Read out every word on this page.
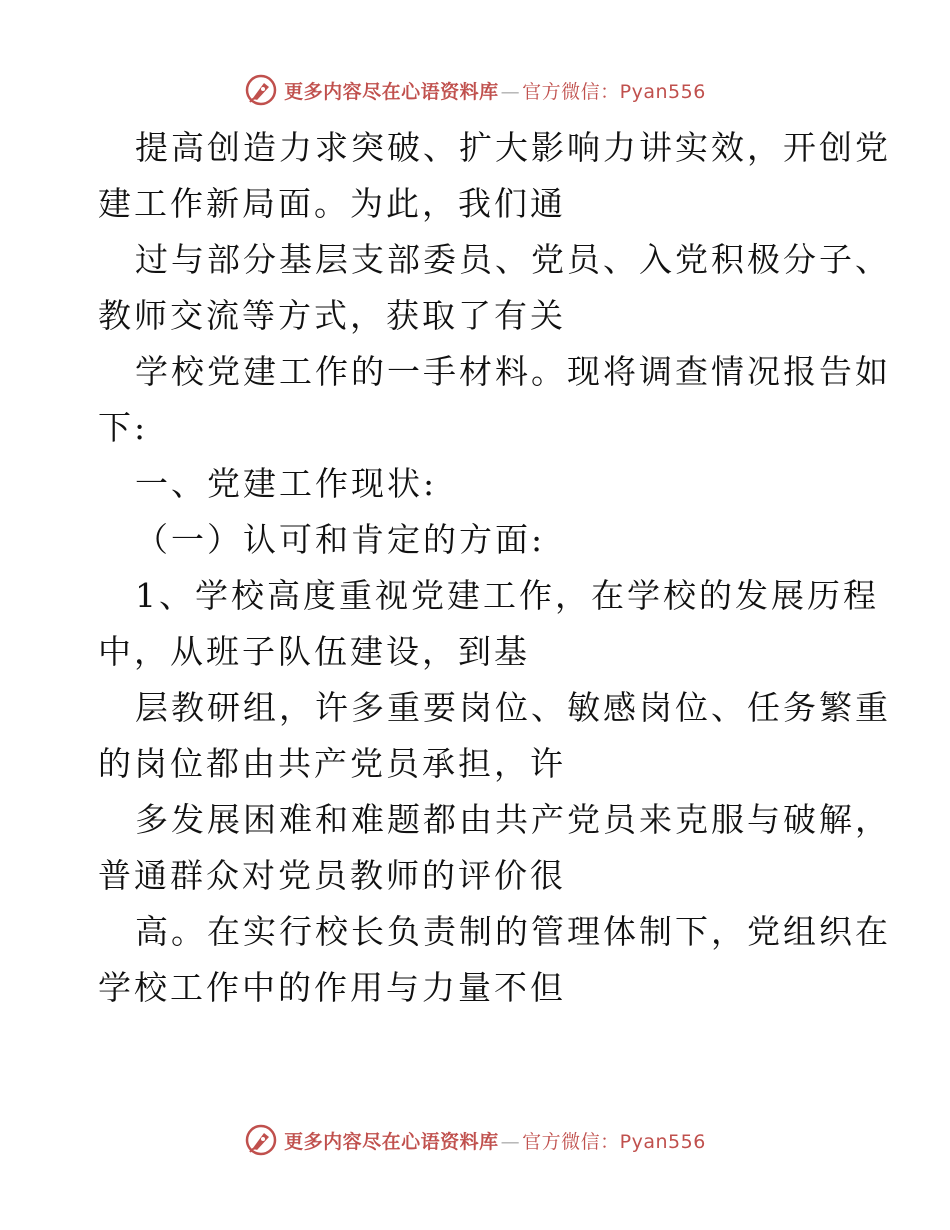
更多内容尽在心语资料库 — 官方微信：Pyan556
提高创造力求突破、扩大影响力讲实效，开创党
建工作新局面。为此，我们通
过与部分基层支部委员、党员、入党积极分子、
教师交流等方式，获取了有关
学校党建工作的一手材料。现将调查情况报告如
下:
一、党建工作现状:
（一）认可和肯定的方面:
1、学校高度重视党建工作，在学校的发展历程
中，从班子队伍建设，到基
层教研组，许多重要岗位、敏感岗位、任务繁重
的岗位都由共产党员承担，许
多发展困难和难题都由共产党员来克服与破解，
普通群众对党员教师的评价很
高。在实行校长负责制的管理体制下，党组织在
学校工作中的作用与力量不但
更多内容尽在心语资料库 — 官方微信：Pyan556
